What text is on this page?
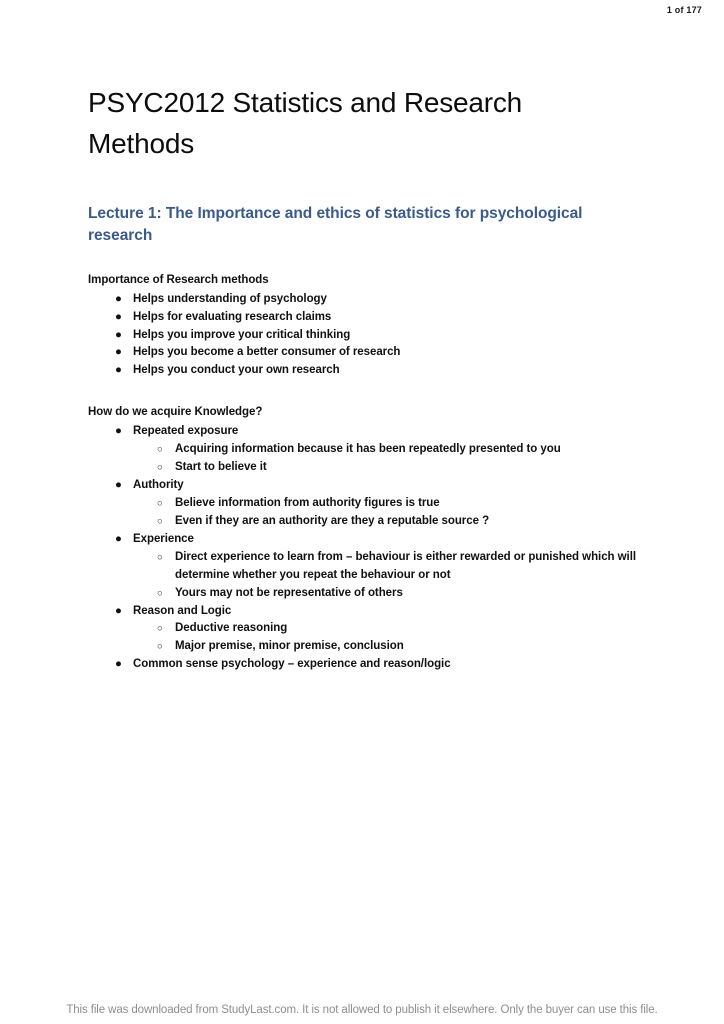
1 of 177
PSYC2012 Statistics and Research Methods
Lecture 1: The Importance and ethics of statistics for psychological research
Importance of Research methods
● Helps understanding of psychology
● Helps for evaluating research claims
● Helps you improve your critical thinking
● Helps you become a better consumer of research
● Helps you conduct your own research
How do we acquire Knowledge?
● Repeated exposure
○ Acquiring information because it has been repeatedly presented to you
○ Start to believe it
● Authority
○ Believe information from authority figures is true
○ Even if they are an authority are they a reputable source ?
● Experience
○ Direct experience to learn from – behaviour is either rewarded or punished which will determine whether you repeat the behaviour or not
○ Yours may not be representative of others
● Reason and Logic
○ Deductive reasoning
○ Major premise, minor premise, conclusion
● Common sense psychology – experience and reason/logic
This file was downloaded from StudyLast.com. It is not allowed to publish it elsewhere. Only the buyer can use this file.
